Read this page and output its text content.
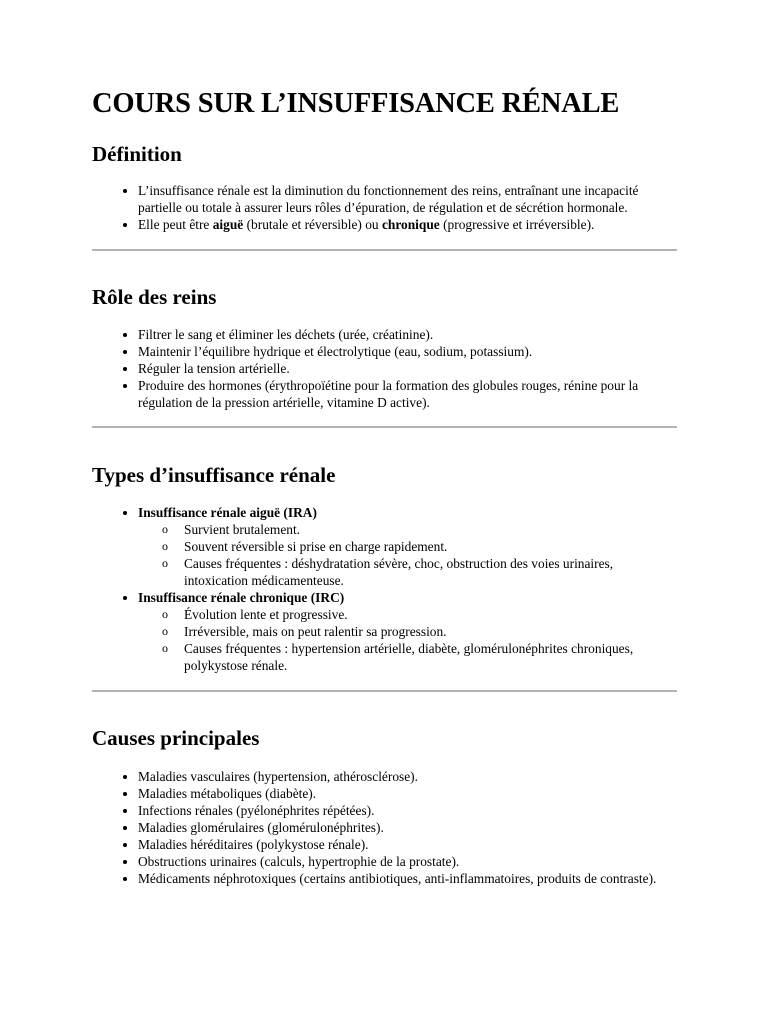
COURS SUR L’INSUFFISANCE RÉNALE
Définition
• L’insuffisance rénale est la diminution du fonctionnement des reins, entraînant une incapacité partielle ou totale à assurer leurs rôles d’épuration, de régulation et de sécrétion hormonale.
• Elle peut être aiguë (brutale et réversible) ou chronique (progressive et irréversible).
Rôle des reins
• Filtrer le sang et éliminer les déchets (urée, créatinine).
• Maintenir l’équilibre hydrique et électrolytique (eau, sodium, potassium).
• Réguler la tension artérielle.
• Produire des hormones (érythropoïétine pour la formation des globules rouges, rénine pour la régulation de la pression artérielle, vitamine D active).
Types d’insuffisance rénale
• Insuffisance rénale aiguë (IRA)
o Survient brutalement.
o Souvent réversible si prise en charge rapidement.
o Causes fréquentes : déshydratation sévère, choc, obstruction des voies urinaires, intoxication médicamenteuse.
• Insuffisance rénale chronique (IRC)
o Évolution lente et progressive.
o Irréversible, mais on peut ralentir sa progression.
o Causes fréquentes : hypertension artérielle, diabète, glomérulonéphrites chroniques, polykystose rénale.
Causes principales
• Maladies vasculaires (hypertension, athérosclérose).
• Maladies métaboliques (diabète).
• Infections rénales (pyélonéphrites répétées).
• Maladies glomérulaires (glomérulonéphrites).
• Maladies héréditaires (polykystose rénale).
• Obstructions urinaires (calculs, hypertrophie de la prostate).
• Médicaments néphrotoxiques (certains antibiotiques, anti-inflammatoires, produits de contraste).
